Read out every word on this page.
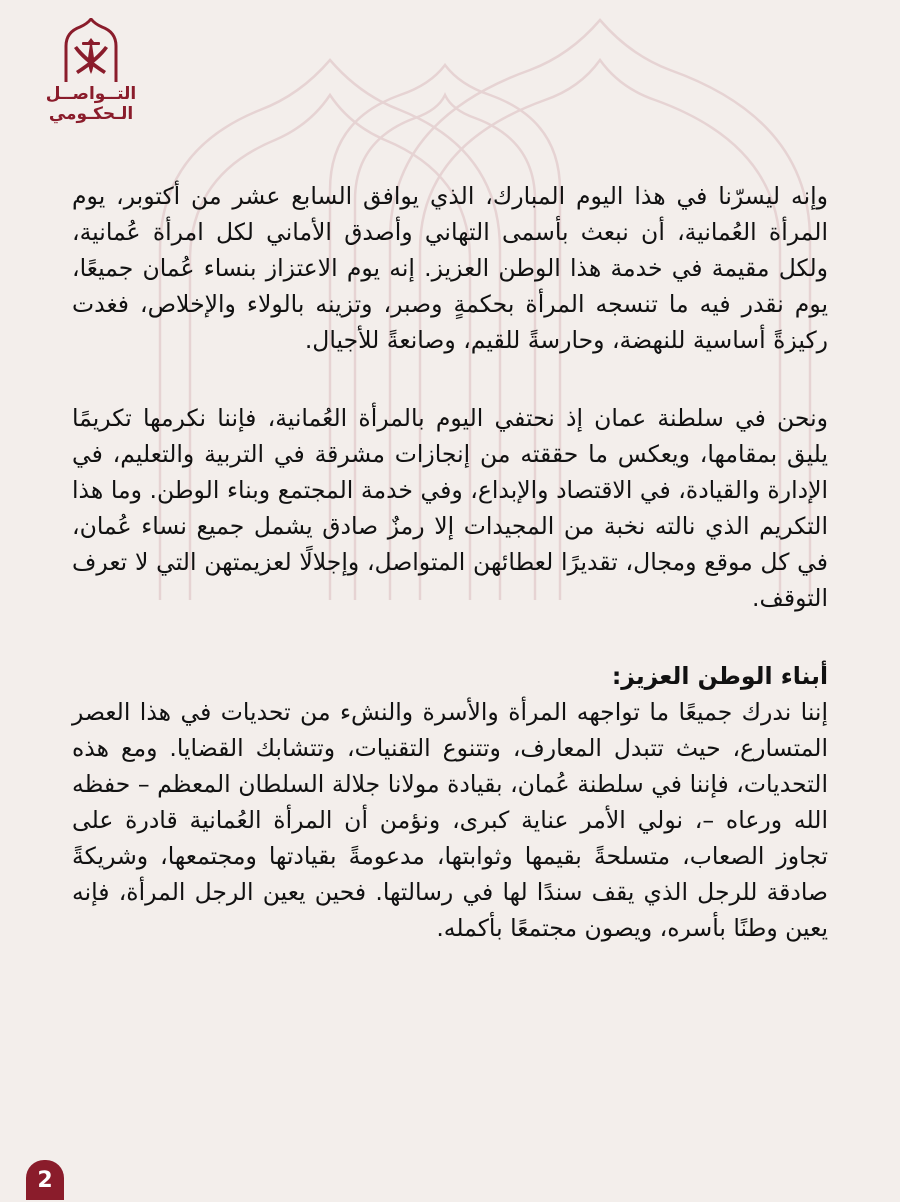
التــواصــل
الـحكـومي

وإنه ليسرّنا في هذا اليوم المبارك، الذي يوافق السابع عشر من أكتوبر، يوم المرأة العُمانية، أن نبعث بأسمى التهاني وأصدق الأماني لكل امرأة عُمانية، ولكل مقيمة في خدمة هذا الوطن العزيز. إنه يوم الاعتزاز بنساء عُمان جميعًا، يوم نقدر فيه ما تنسجه المرأة بحكمةٍ وصبر، وتزينه بالولاء والإخلاص، فغدت ركيزةً أساسية للنهضة، وحارسةً للقيم، وصانعةً للأجيال.

ونحن في سلطنة عمان إذ نحتفي اليوم بالمرأة العُمانية، فإننا نكرمها تكريمًا يليق بمقامها، ويعكس ما حققته من إنجازات مشرقة في التربية والتعليم، في الإدارة والقيادة، في الاقتصاد والإبداع، وفي خدمة المجتمع وبناء الوطن. وما هذا التكريم الذي نالته نخبة من المجيدات إلا رمزٌ صادق يشمل جميع نساء عُمان، في كل موقع ومجال، تقديرًا لعطائهن المتواصل، وإجلالًا لعزيمتهن التي لا تعرف التوقف.

أبناء الوطن العزيز:

إننا ندرك جميعًا ما تواجهه المرأة والأسرة والنشء من تحديات في هذا العصر المتسارع، حيث تتبدل المعارف، وتتنوع التقنيات، وتتشابك القضايا. ومع هذه التحديات، فإننا في سلطنة عُمان، بقيادة مولانا جلالة السلطان المعظم – حفظه الله ورعاه –، نولي الأمر عناية كبرى، ونؤمن أن المرأة العُمانية قادرة على تجاوز الصعاب، متسلحةً بقيمها وثوابتها، مدعومةً بقيادتها ومجتمعها، وشريكةً صادقة للرجل الذي يقف سندًا لها في رسالتها. فحين يعين الرجل المرأة، فإنه يعين وطنًا بأسره، ويصون مجتمعًا بأكمله.

2
